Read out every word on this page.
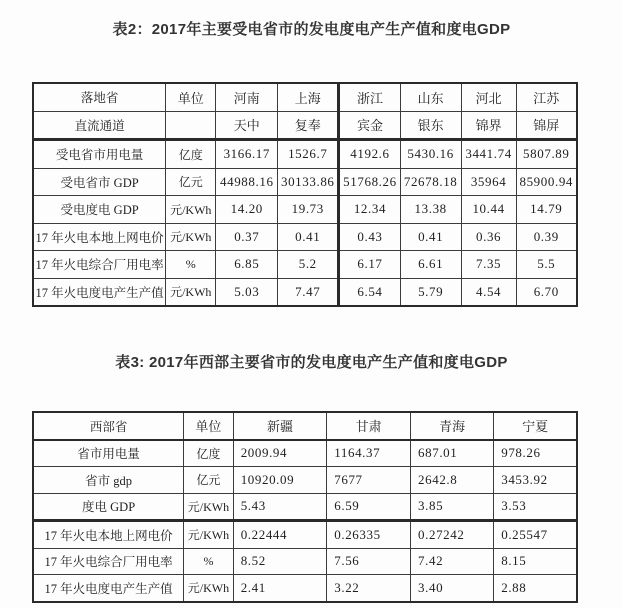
表2：2017年主要受电省市的发电度电产生产值和度电GDP
落地省	单位	河南	上海	浙江	山东	河北	江苏
直流通道		天中	复奉	宾金	银东	锦界	锦屏
受电省市用电量	亿度	3166.17	1526.7	4192.6	5430.16	3441.74	5807.89
受电省市 GDP	亿元	44988.16	30133.86	51768.26	72678.18	35964	85900.94
受电度电 GDP	元/KWh	14.20	19.73	12.34	13.38	10.44	14.79
17 年火电本地上网电价	元/KWh	0.37	0.41	0.43	0.41	0.36	0.39
17 年火电综合厂用电率	%	6.85	5.2	6.17	6.61	7.35	5.5
17 年火电度电产生产值	元/KWh	5.03	7.47	6.54	5.79	4.54	6.70
表3: 2017年西部主要省市的发电度电产生产值和度电GDP
西部省	单位	新疆	甘肃	青海	宁夏
省市用电量	亿度	2009.94	1164.37	687.01	978.26
省市 gdp	亿元	10920.09	7677	2642.8	3453.92
度电 GDP	元/KWh	5.43	6.59	3.85	3.53
17 年火电本地上网电价	元/KWh	0.22444	0.26335	0.27242	0.25547
17 年火电综合厂用电率	%	8.52	7.56	7.42	8.15
17 年火电度电产生产值	元/KWh	2.41	3.22	3.40	2.88
